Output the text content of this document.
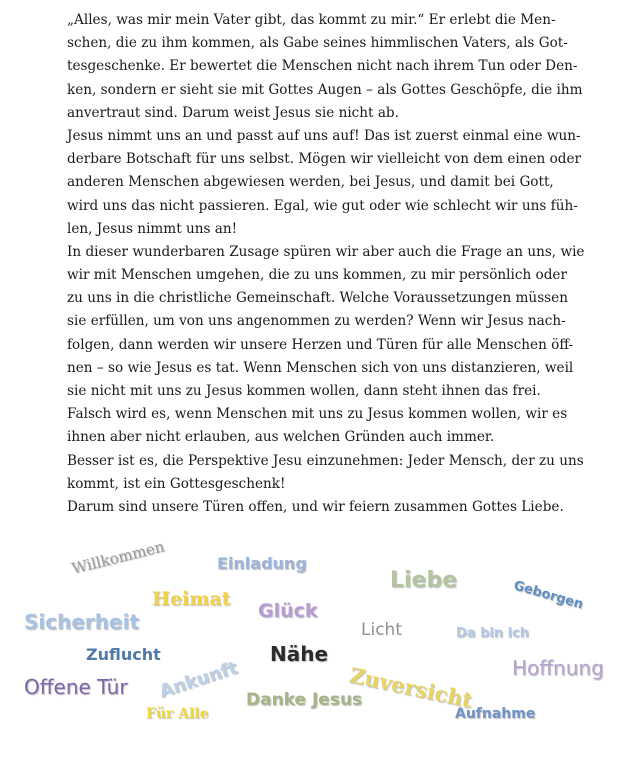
„Alles, was mir mein Vater gibt, das kommt zu mir.“ Er erlebt die Men-
schen, die zu ihm kommen, als Gabe seines himmlischen Vaters, als Got-
tesgeschenke. Er bewertet die Menschen nicht nach ihrem Tun oder Den-
ken, sondern er sieht sie mit Gottes Augen – als Gottes Geschöpfe, die ihm
anvertraut sind. Darum weist Jesus sie nicht ab.
Jesus nimmt uns an und passt auf uns auf! Das ist zuerst einmal eine wun-
derbare Botschaft für uns selbst. Mögen wir vielleicht von dem einen oder
anderen Menschen abgewiesen werden, bei Jesus, und damit bei Gott,
wird uns das nicht passieren. Egal, wie gut oder wie schlecht wir uns füh-
len, Jesus nimmt uns an!
In dieser wunderbaren Zusage spüren wir aber auch die Frage an uns, wie
wir mit Menschen umgehen, die zu uns kommen, zu mir persönlich oder
zu uns in die christliche Gemeinschaft. Welche Voraussetzungen müssen
sie erfüllen, um von uns angenommen zu werden? Wenn wir Jesus nach-
folgen, dann werden wir unsere Herzen und Türen für alle Menschen öff-
nen – so wie Jesus es tat. Wenn Menschen sich von uns distanzieren, weil
sie nicht mit uns zu Jesus kommen wollen, dann steht ihnen das frei.
Falsch wird es, wenn Menschen mit uns zu Jesus kommen wollen, wir es
ihnen aber nicht erlauben, aus welchen Gründen auch immer.
Besser ist es, die Perspektive Jesu einzunehmen: Jeder Mensch, der zu uns
kommt, ist ein Gottesgeschenk!
Darum sind unsere Türen offen, und wir feiern zusammen Gottes Liebe.
Willkommen	Einladung
Liebe	Geborgen
Heimat
Glück
Sicherheit	Licht	Da bin ich
Zuflucht	Nähe
Hoffnung
Ankunft	Zuversicht
Offene Tür
Danke Jesus
Für Alle	Aufnahme
